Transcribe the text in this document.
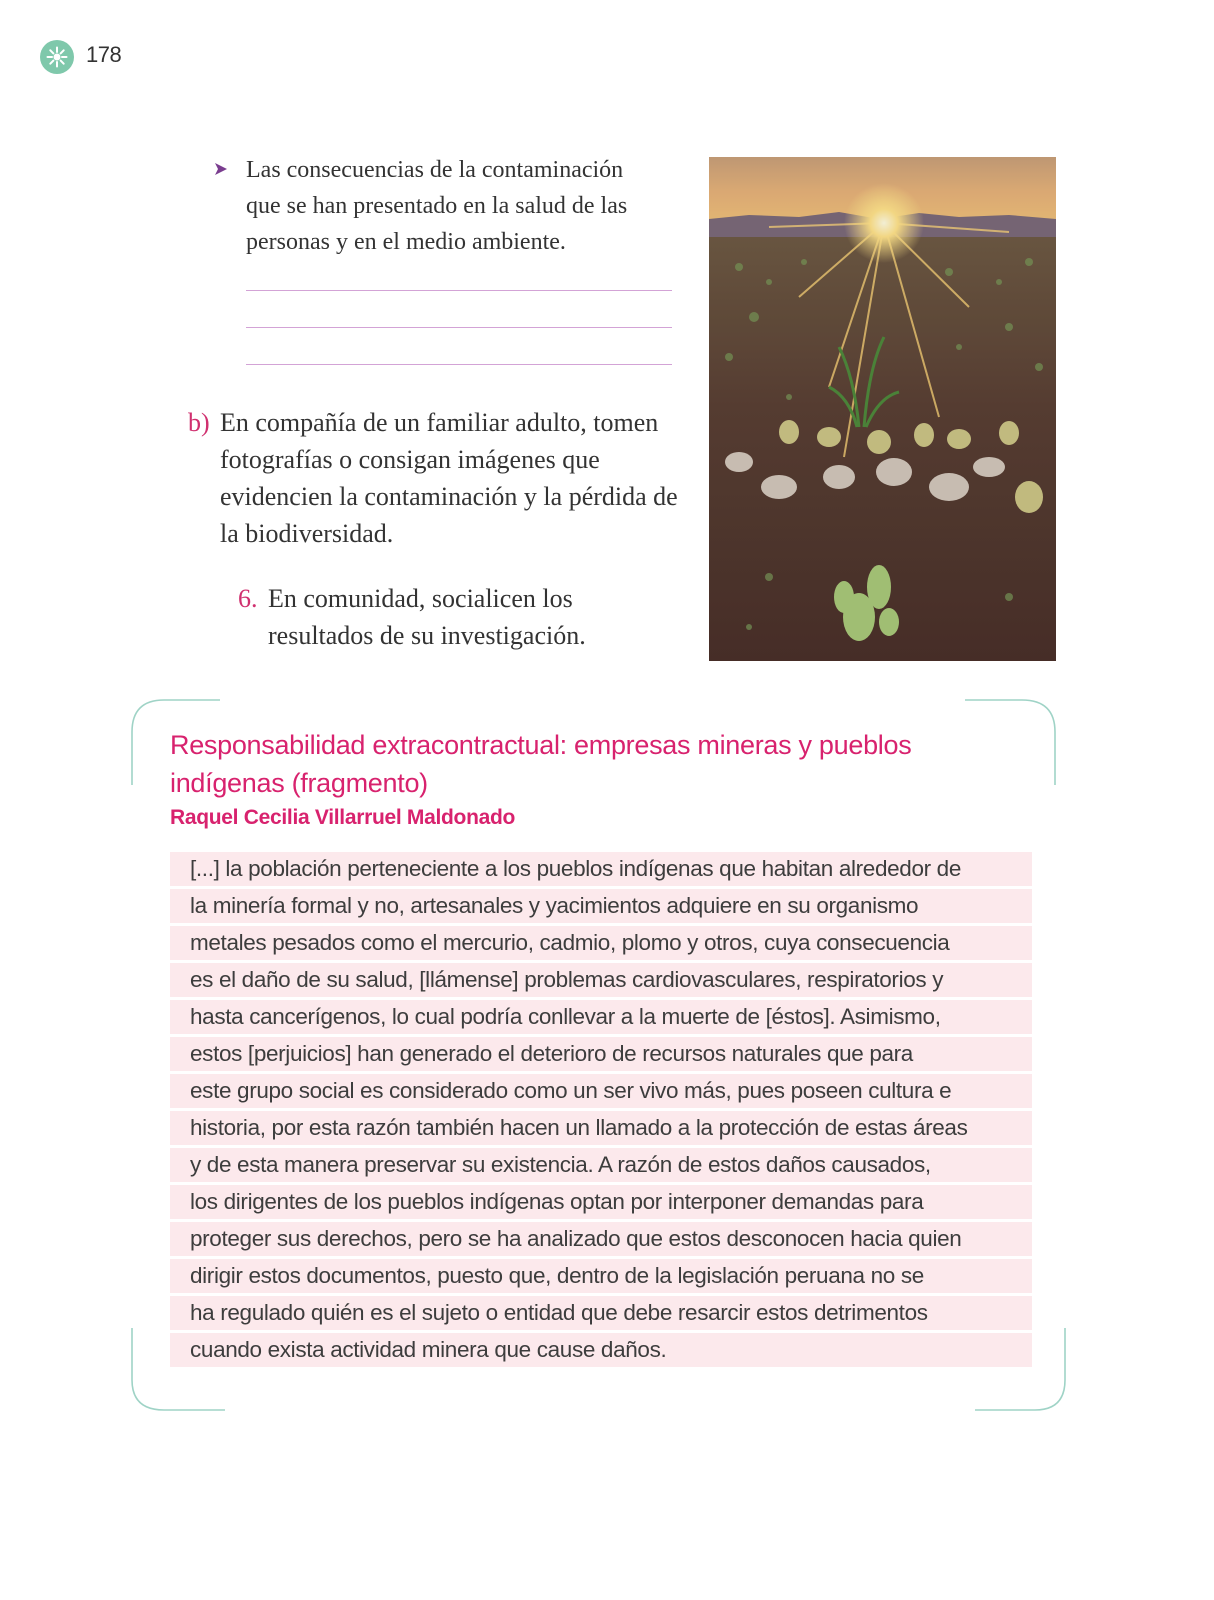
178
Las consecuencias de la contaminación que se han presentado en la salud de las personas y en el medio ambiente.
b) En compañía de un familiar adulto, tomen fotografías o consigan imágenes que evidencien la contaminación y la pérdida de la biodiversidad.
6. En comunidad, socialicen los resultados de su investigación.
Responsabilidad extracontractual: empresas mineras y pueblos indígenas (fragmento)
Raquel Cecilia Villarruel Maldonado
[...] la población perteneciente a los pueblos indígenas que habitan alrededor de
la minería formal y no, artesanales y yacimientos adquiere en su organismo
metales pesados como el mercurio, cadmio, plomo y otros, cuya consecuencia
es el daño de su salud, [llámense] problemas cardiovasculares, respiratorios y
hasta cancerígenos, lo cual podría conllevar a la muerte de [éstos]. Asimismo,
estos [perjuicios] han generado el deterioro de recursos naturales que para
este grupo social es considerado como un ser vivo más, pues poseen cultura e
historia, por esta razón también hacen un llamado a la protección de estas áreas
y de esta manera preservar su existencia. A razón de estos daños causados,
los dirigentes de los pueblos indígenas optan por interponer demandas para
proteger sus derechos, pero se ha analizado que estos desconocen hacia quien
dirigir estos documentos, puesto que, dentro de la legislación peruana no se
ha regulado quién es el sujeto o entidad que debe resarcir estos detrimentos
cuando exista actividad minera que cause daños.
